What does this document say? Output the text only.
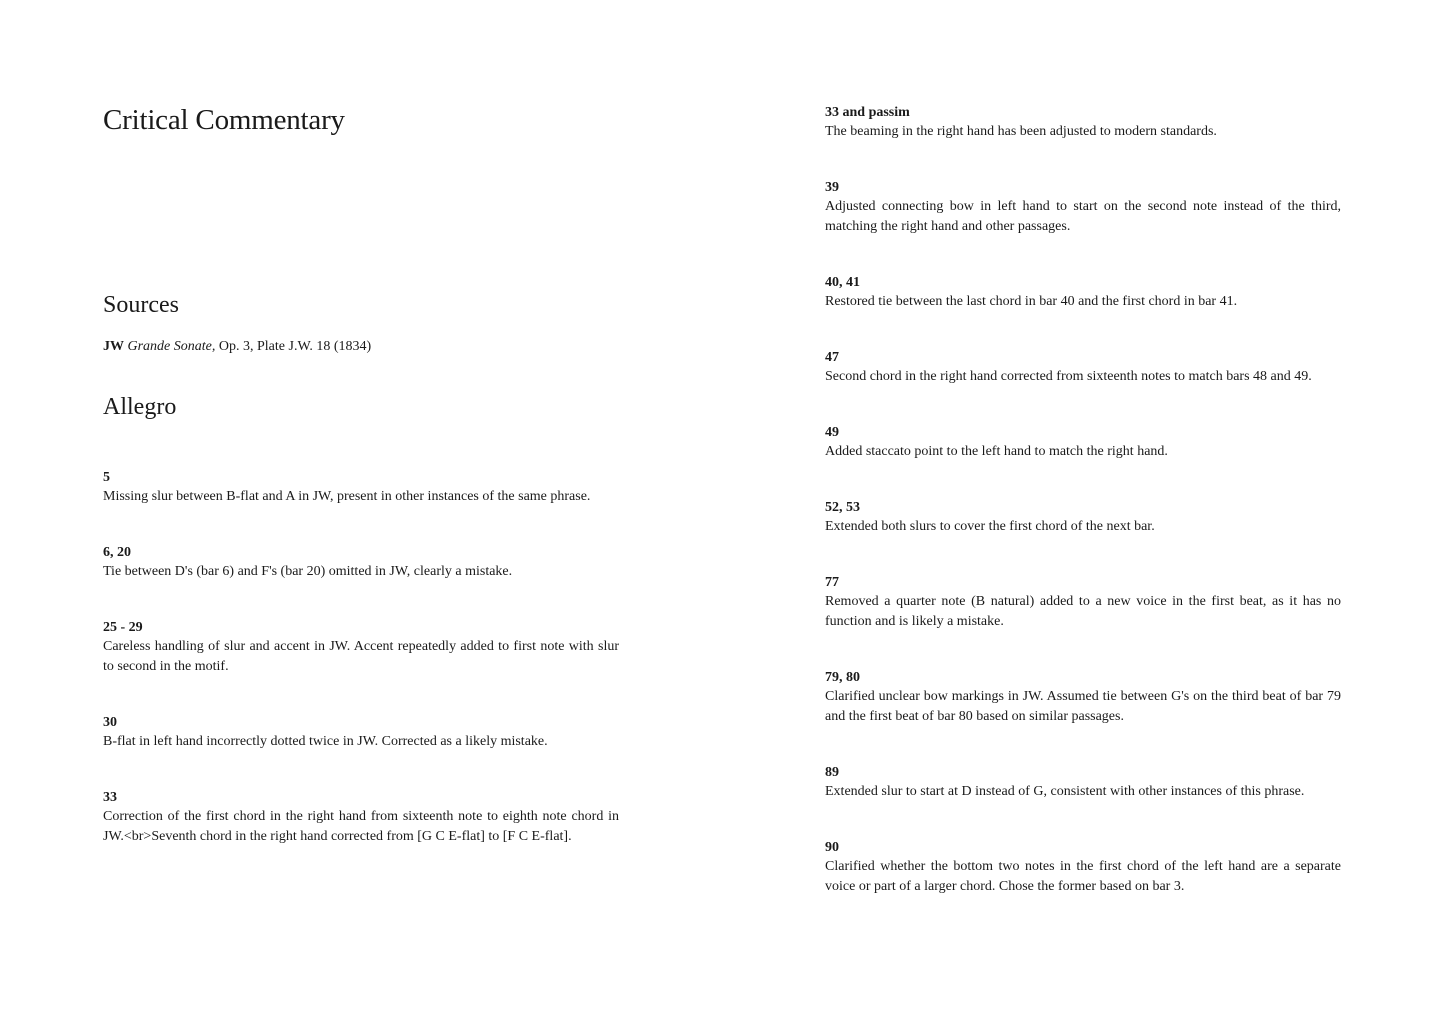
Critical Commentary
Sources
JW Grande Sonate, Op. 3, Plate J.W. 18 (1834)
Allegro
5
Missing slur between B-flat and A in JW, present in other instances of the same phrase.
6, 20
Tie between D's (bar 6) and F's (bar 20) omitted in JW, clearly a mistake.
25 - 29
Careless handling of slur and accent in JW. Accent repeatedly added to first note with slur to second in the motif.
30
B-flat in left hand incorrectly dotted twice in JW. Corrected as a likely mistake.
33
Correction of the first chord in the right hand from sixteenth note to eighth note chord in JW.<br>Seventh chord in the right hand corrected from [G C E-flat] to [F C E-flat].
33 and passim
The beaming in the right hand has been adjusted to modern standards.
39
Adjusted connecting bow in left hand to start on the second note instead of the third, matching the right hand and other passages.
40, 41
Restored tie between the last chord in bar 40 and the first chord in bar 41.
47
Second chord in the right hand corrected from sixteenth notes to match bars 48 and 49.
49
Added staccato point to the left hand to match the right hand.
52, 53
Extended both slurs to cover the first chord of the next bar.
77
Removed a quarter note (B natural) added to a new voice in the first beat, as it has no function and is likely a mistake.
79, 80
Clarified unclear bow markings in JW. Assumed tie between G's on the third beat of bar 79 and the first beat of bar 80 based on similar passages.
89
Extended slur to start at D instead of G, consistent with other instances of this phrase.
90
Clarified whether the bottom two notes in the first chord of the left hand are a separate voice or part of a larger chord. Chose the former based on bar 3.
